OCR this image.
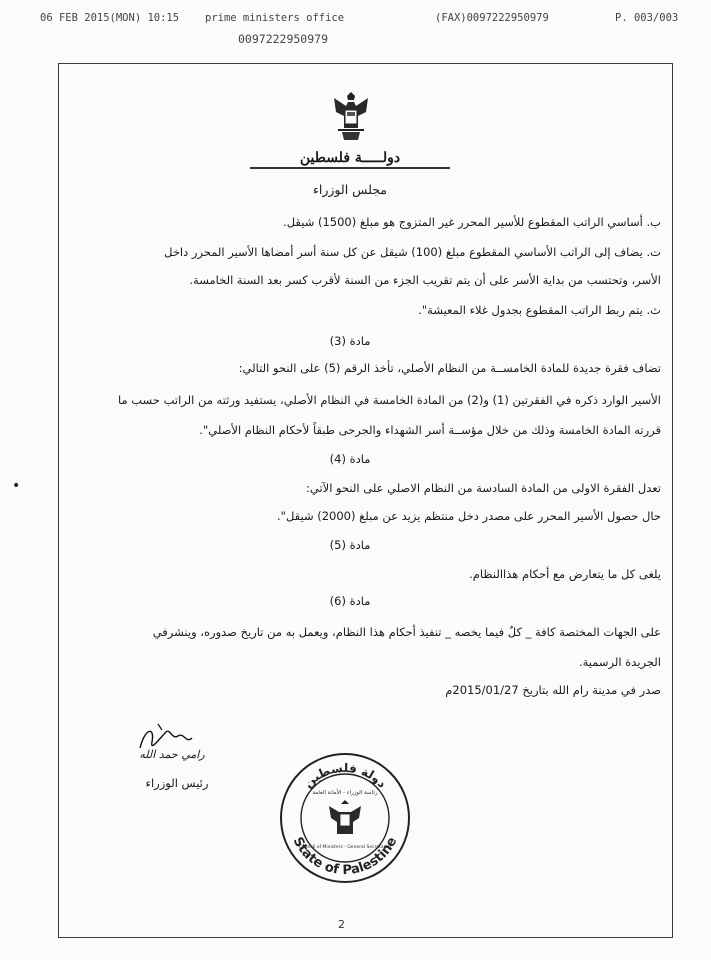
06 FEB 2015(MON) 10:15 prime ministers office	(FAX)0097222950979	P. 003/003
0097222950979
دولـــــة فلسطين
مجلس الوزراء
ب. أساسي الراتب المقطوع للأسير المحرر غير المتزوج هو مبلغ (1500) شيقل.
ت. يضاف إلى الراتب الأساسي المقطوع مبلغ (100) شيقل عن كل سنة أسر أمضاها الأسير المحرر داخل
الأسر، وتحتسب من بداية الأسر على أن يتم تقريب الجزء من السنة لأقرب كسر بعد السنة الخامسة.
ث. يتم ربط الراتب المقطوع بجدول غلاء المعيشة".
مادة (3)
تضاف فقرة جديدة للمادة الخامســة من النظام الأصلي، تأخذ الرقم (5) على النحو التالي:
الأسير الوارد ذكره في الفقرتين (1) و(2) من المادة الخامسة في النظام الأصلي، يستفيد ورثته من الراتب حسب ما
قررته المادة الخامسة وذلك من خلال مؤســة أسر الشهداء والجرحى طبقاً لأحكام النظام الأصلي".
مادة (4)
تعدل الفقرة الاولى من المادة السادسة من النظام الاصلي على النحو الآتي:
حال حصول الأسير المحرر على مصدر دخل منتظم يزيد عن مبلغ (2000) شيقل".
مادة (5)
يلغى كل ما يتعارض مع أحكام هذاالنظام.
مادة (6)
على الجهات المختصة كافة _ كلٌ فيما يخصه _ تنفيذ أحكام هذا النظام، ويعمل به من تاريخ صدوره، وينشرفي
الجريدة الرسمية.
صدر في مدينة رام الله بتاريخ 2015/01/27م
رامي حمد الله
رئيس الوزراء	دولة فلسطين
State of Palestine
رئاسة الوزراء - الأمانة العامة
Council of Ministers - General Secretariat
2
•
